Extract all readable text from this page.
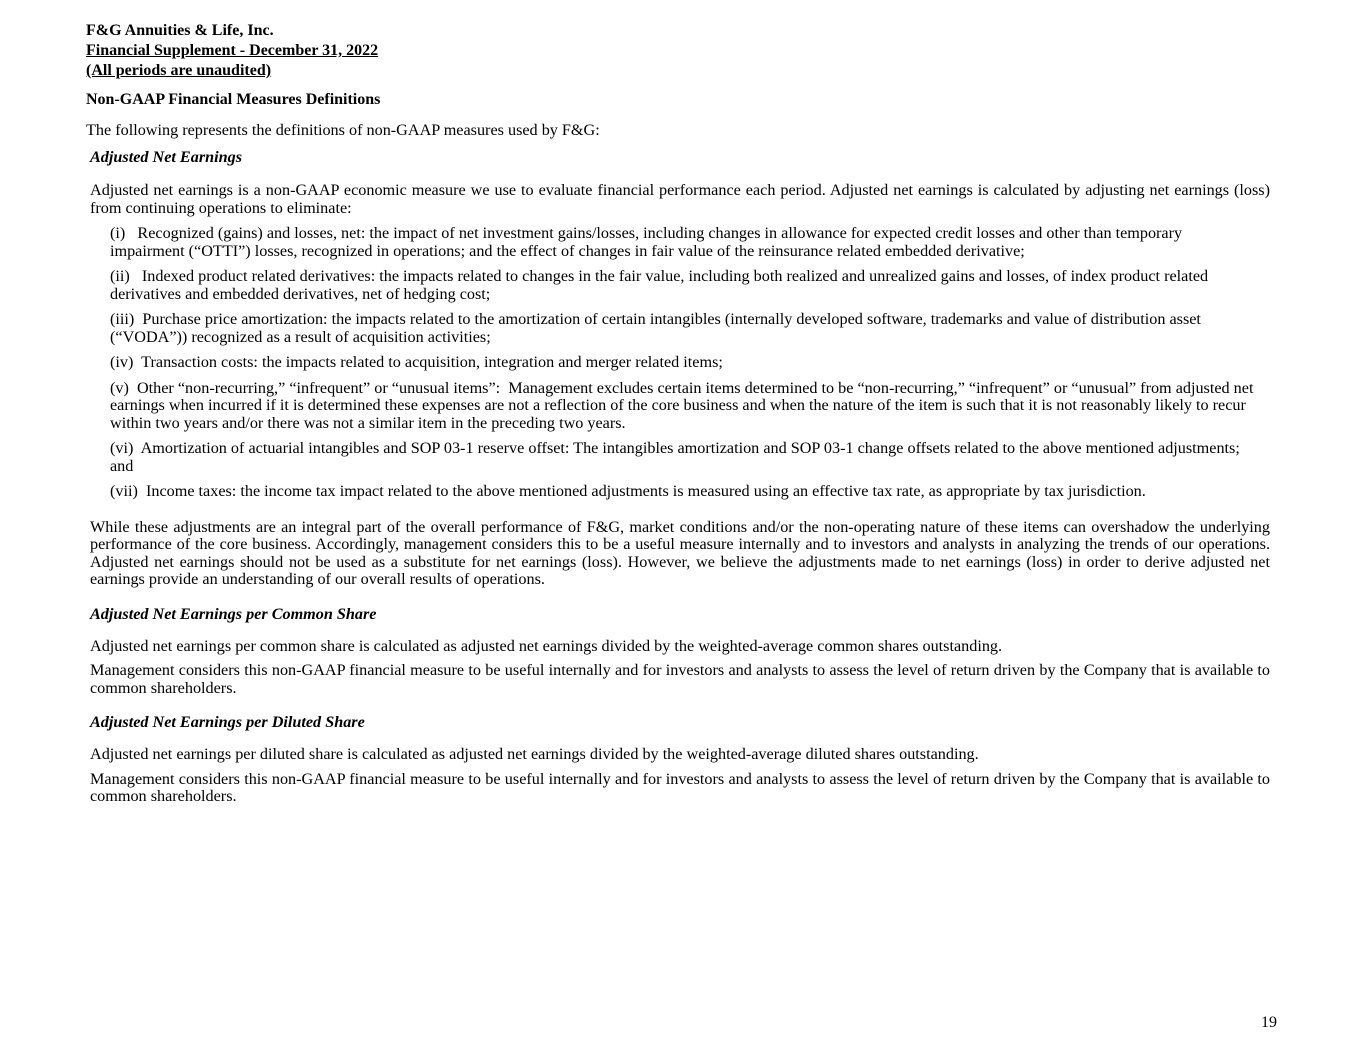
F&G Annuities & Life, Inc.
Financial Supplement - December 31, 2022
(All periods are unaudited)
Non-GAAP Financial Measures Definitions
The following represents the definitions of non-GAAP measures used by F&G:
Adjusted Net Earnings

Adjusted net earnings is a non-GAAP economic measure we use to evaluate financial performance each period. Adjusted net earnings is calculated by adjusting net earnings (loss) from continuing operations to eliminate:

(i)   Recognized (gains) and losses, net: the impact of net investment gains/losses, including changes in allowance for expected credit losses and other than temporary impairment (“OTTI”) losses, recognized in operations; and the effect of changes in fair value of the reinsurance related embedded derivative;

(ii)   Indexed product related derivatives: the impacts related to changes in the fair value, including both realized and unrealized gains and losses, of index product related derivatives and embedded derivatives, net of hedging cost;

(iii)  Purchase price amortization: the impacts related to the amortization of certain intangibles (internally developed software, trademarks and value of distribution asset (“VODA”)) recognized as a result of acquisition activities;

(iv)  Transaction costs: the impacts related to acquisition, integration and merger related items;

(v)  Other “non-recurring,” “infrequent” or “unusual items”:  Management excludes certain items determined to be “non-recurring,” “infrequent” or “unusual” from adjusted net earnings when incurred if it is determined these expenses are not a reflection of the core business and when the nature of the item is such that it is not reasonably likely to recur within two years and/or there was not a similar item in the preceding two years.

(vi)  Amortization of actuarial intangibles and SOP 03-1 reserve offset: The intangibles amortization and SOP 03-1 change offsets related to the above mentioned adjustments; and

(vii)  Income taxes: the income tax impact related to the above mentioned adjustments is measured using an effective tax rate, as appropriate by tax jurisdiction.

While these adjustments are an integral part of the overall performance of F&G, market conditions and/or the non-operating nature of these items can overshadow the underlying performance of the core business. Accordingly, management considers this to be a useful measure internally and to investors and analysts in analyzing the trends of our operations. Adjusted net earnings should not be used as a substitute for net earnings (loss). However, we believe the adjustments made to net earnings (loss) in order to derive adjusted net earnings provide an understanding of our overall results of operations.

Adjusted Net Earnings per Common Share

Adjusted net earnings per common share is calculated as adjusted net earnings divided by the weighted-average common shares outstanding.

Management considers this non-GAAP financial measure to be useful internally and for investors and analysts to assess the level of return driven by the Company that is available to common shareholders.

Adjusted Net Earnings per Diluted Share

Adjusted net earnings per diluted share is calculated as adjusted net earnings divided by the weighted-average diluted shares outstanding.

Management considers this non-GAAP financial measure to be useful internally and for investors and analysts to assess the level of return driven by the Company that is available to common shareholders.

19
